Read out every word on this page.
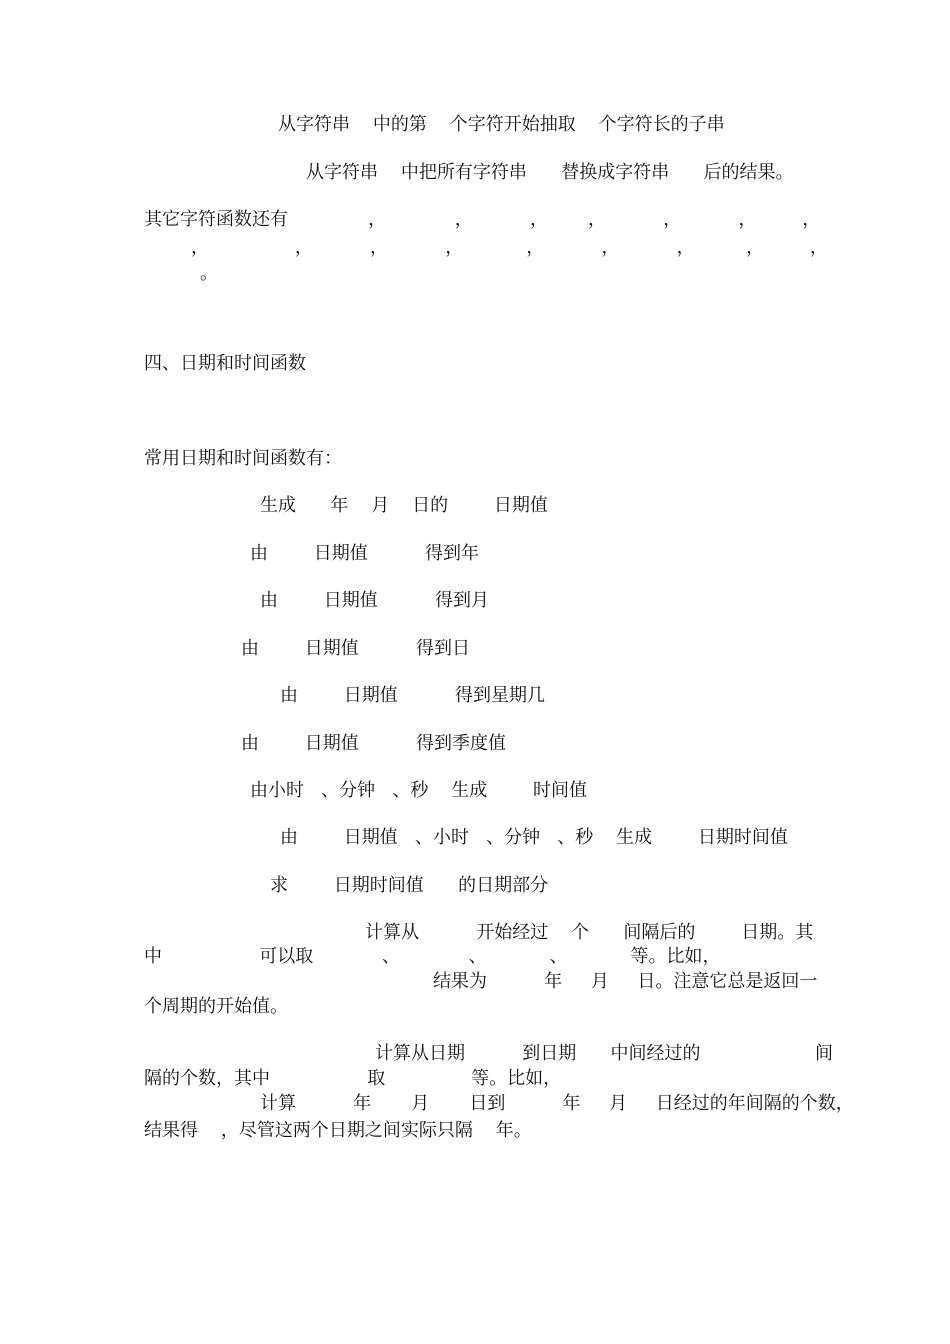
从字符串    中的第    个字符开始抽取    个字符长的子串
从字符串    中把所有字符串      替换成字符串      后的结果。
其它字符函数还有              ，            ，          ，       ，          ，          ，        ，
，               ，          ，          ，           ，          ，          ，         ，        ，
。
四、日期和时间函数
常用日期和时间函数有：
生成      年    月    日的        日期值
由        日期值          得到年
由        日期值          得到月
由        日期值          得到日
由        日期值          得到星期几
由        日期值          得到季度值
由小时   、分钟   、秒    生成        时间值
由        日期值   、小时   、分钟   、秒    生成        日期时间值
求        日期时间值      的日期部分
计算从          开始经过    个      间隔后的        日期。其
中                 可以取            、            、           、           等。比如，
结果为          年     月     日。注意它总是返回一
个周期的开始值。
计算从日期          到日期      中间经过的                    间
隔的个数，其中                 取               等。比如，
计算          年       月       日到          年     月     日经过的年间隔的个数，
结果得    ，尽管这两个日期之间实际只隔    年。
